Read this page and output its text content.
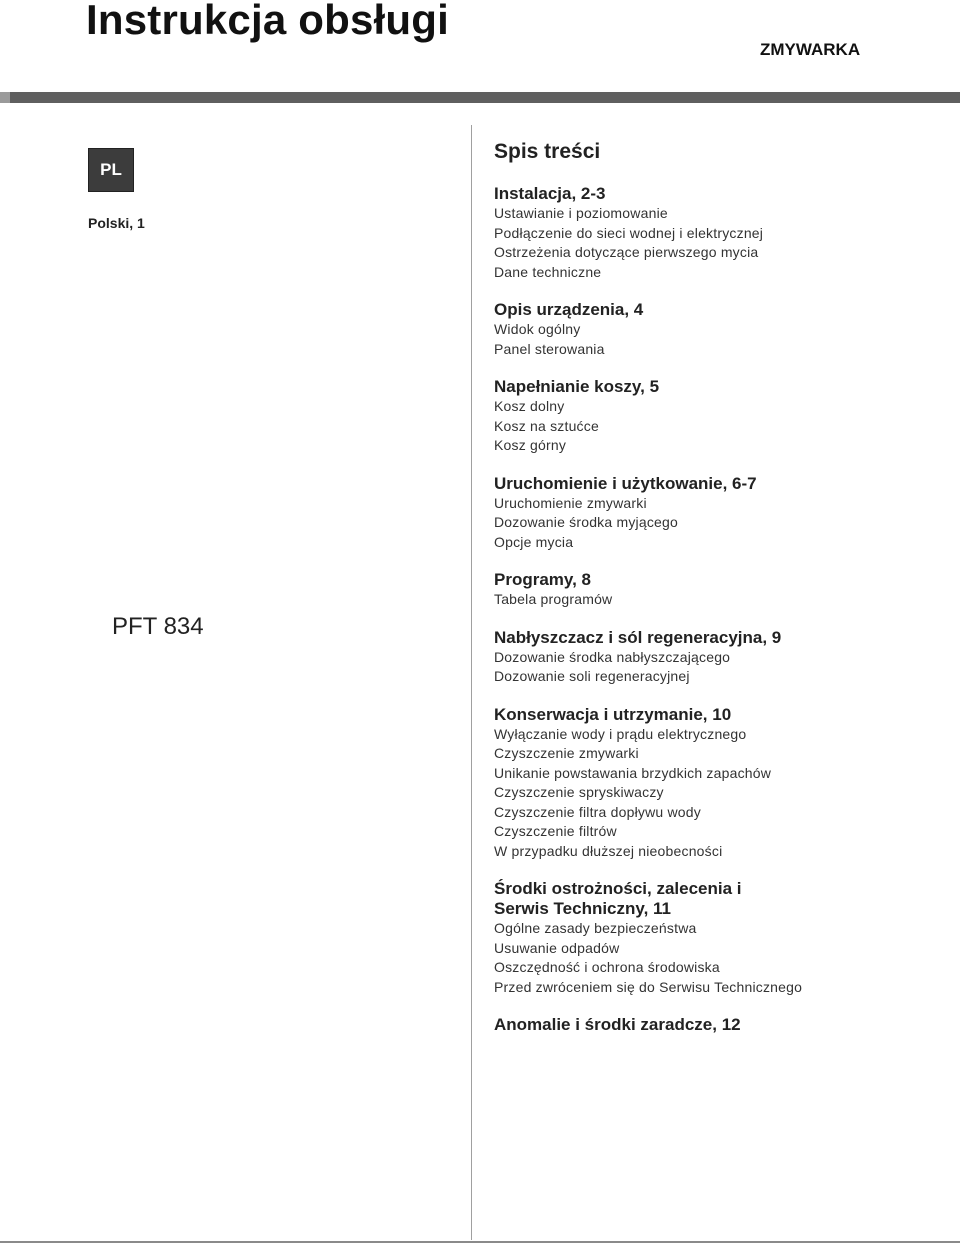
Instrukcja obsługi
ZMYWARKA
PL
Polski, 1
PFT 834
Spis treści
Instalacja, 2-3
Ustawianie i poziomowanie
Podłączenie do sieci wodnej i elektrycznej
Ostrzeżenia dotyczące pierwszego mycia
Dane techniczne
Opis urządzenia, 4
Widok ogólny
Panel sterowania
Napełnianie koszy, 5
Kosz dolny
Kosz na sztućce
Kosz górny
Uruchomienie i użytkowanie, 6-7
Uruchomienie zmywarki
Dozowanie środka myjącego
Opcje mycia
Programy, 8
Tabela programów
Nabłyszczacz i sól regeneracyjna, 9
Dozowanie środka nabłyszczającego
Dozowanie soli regeneracyjnej
Konserwacja i utrzymanie, 10
Wyłączanie wody i prądu elektrycznego
Czyszczenie zmywarki
Unikanie powstawania brzydkich zapachów
Czyszczenie spryskiwaczy
Czyszczenie filtra dopływu wody
Czyszczenie filtrów
W przypadku dłuższej nieobecności
Środki ostrożności, zalecenia i
Serwis Techniczny, 11
Ogólne zasady bezpieczeństwa
Usuwanie odpadów
Oszczędność i ochrona środowiska
Przed zwróceniem się do Serwisu Technicznego
Anomalie i środki zaradcze, 12
